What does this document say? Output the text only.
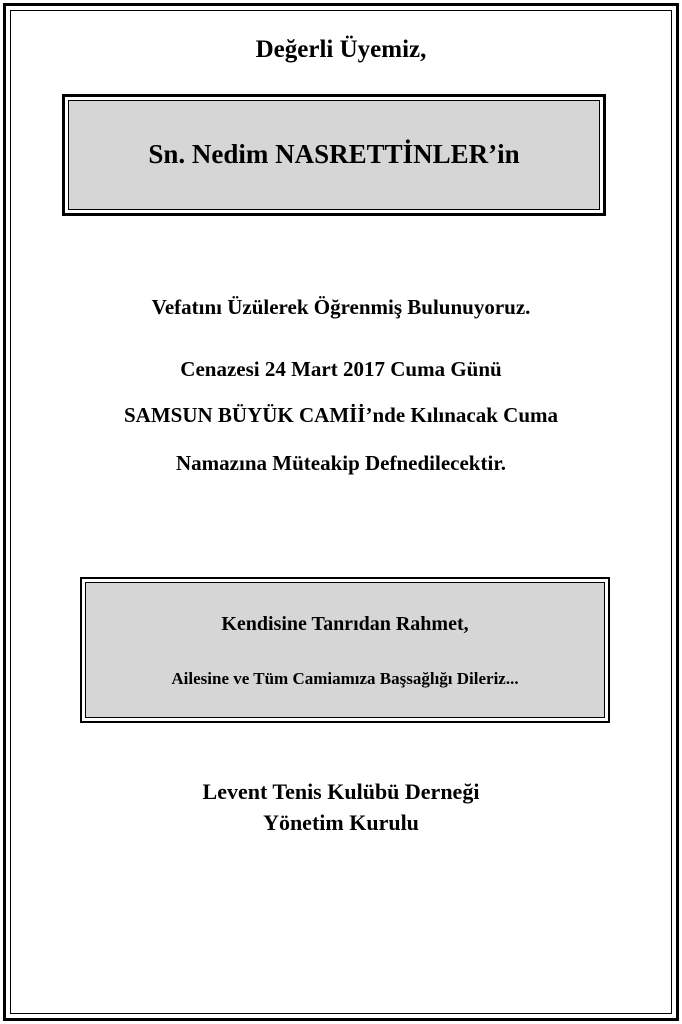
Değerli Üyemiz,
Sn. Nedim NASRETTİNLER’in
Vefatını Üzülerek Öğrenmiş Bulunuyoruz.
Cenazesi 24 Mart 2017 Cuma Günü
SAMSUN BÜYÜK CAMİİ’nde Kılınacak Cuma
Namazına Müteakip Defnedilecektir.
Kendisine Tanrıdan Rahmet,
Ailesine ve Tüm Camiamıza Başsağlığı Dileriz...
Levent Tenis Kulübü Derneği
Yönetim Kurulu
